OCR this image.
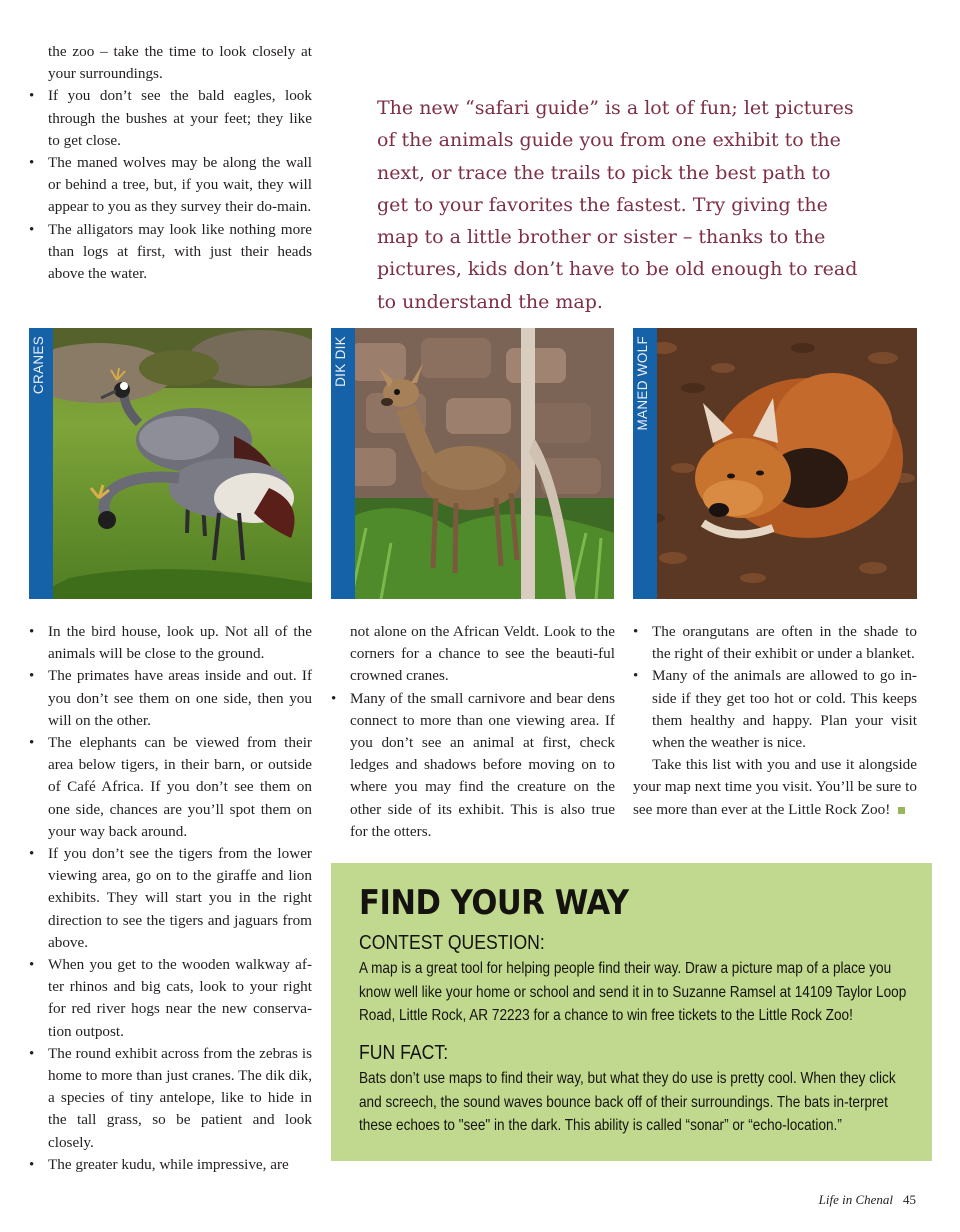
the zoo – take the time to look closely at your surroundings.

• If you don’t see the bald eagles, look through the bushes at your feet; they like to get close.
• The maned wolves may be along the wall or behind a tree, but, if you wait, they will appear to you as they survey their do-main.
• The alligators may look like nothing more than logs at first, with just their heads above the water.
The new “safari guide” is a lot of fun; let pictures of the animals guide you from one exhibit to the next, or trace the trails to pick the best path to get to your favorites the fastest. Try giving the map to a little brother or sister – thanks to the pictures, kids don’t have to be old enough to read to understand the map.
CRANES	DIK DIK	MANED WOLF
• In the bird house, look up. Not all of the animals will be close to the ground.
• The primates have areas inside and out. If you don’t see them on one side, then you will on the other.
• The elephants can be viewed from their area below tigers, in their barn, or outside of Café Africa. If you don’t see them on one side, chances are you’ll spot them on your way back around.
• If you don’t see the tigers from the lower viewing area, go on to the giraffe and lion exhibits. They will start you in the right direction to see the tigers and jaguars from above.
• When you get to the wooden walkway af-ter rhinos and big cats, look to your right for red river hogs near the new conserva-tion outpost.
• The round exhibit across from the zebras is home to more than just cranes. The dik dik, a species of tiny antelope, like to hide in the tall grass, so be patient and look closely.
• The greater kudu, while impressive, are

not alone on the African Veldt. Look to the corners for a chance to see the beauti-ful crowned cranes.

• Many of the small carnivore and bear dens connect to more than one viewing area. If you don’t see an animal at first, check ledges and shadows before moving on to where you may find the creature on the other side of its exhibit. This is also true for the otters.
• The orangutans are often in the shade to the right of their exhibit or under a blanket.
• Many of the animals are allowed to go in-side if they get too hot or cold. This keeps them healthy and happy. Plan your visit when the weather is nice.

Take this list with you and use it alongside your map next time you visit. You’ll be sure to see more than ever at the Little Rock Zoo!

FIND YOUR WAY
CONTEST QUESTION:

A map is a great tool for helping people find their way. Draw a picture map of a place you know well like your home or school and send it in to Suzanne Ramsel at 14109 Taylor Loop Road, Little Rock, AR 72223 for a chance to win free tickets to the Little Rock Zoo!

FUN FACT:

Bats don’t use maps to find their way, but what they do use is pretty cool. When they click and screech, the sound waves bounce back off of their surroundings. The bats in-terpret these echoes to "see" in the dark. This ability is called “sonar” or “echo-location.”

Life in Chenal 45
